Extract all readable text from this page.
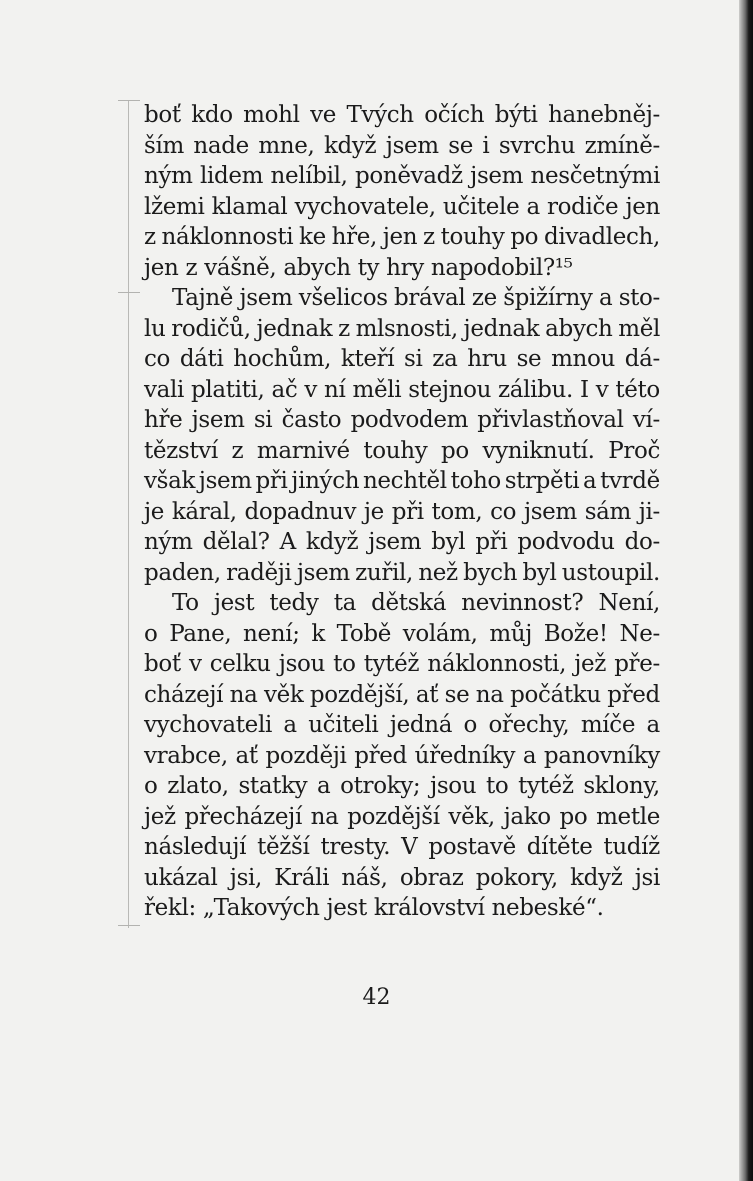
boť kdo mohl ve Tvých očích býti hanebněj-
ším nade mne, když jsem se i svrchu zmíně-
ným lidem nelíbil, poněvadž jsem nesčetnými
lžemi klamal vychovatele, učitele a rodiče jen
z náklonnosti ke hře, jen z touhy po divadlech,
jen z vášně, abych ty hry napodobil?¹⁵
Tajně jsem všelicos brával ze špižírny a sto-
lu rodičů, jednak z mlsnosti, jednak abych měl
co dáti hochům, kteří si za hru se mnou dá-
vali platiti, ač v ní měli stejnou zálibu. I v této
hře jsem si často podvodem přivlastňoval ví-
tězství z marnivé touhy po vyniknutí. Proč
však jsem při jiných nechtěl toho strpěti a tvrdě
je káral, dopadnuv je při tom, co jsem sám ji-
ným dělal? A když jsem byl při podvodu do-
paden, raději jsem zuřil, než bych byl ustoupil.
To jest tedy ta dětská nevinnost? Není,
o Pane, není; k Tobě volám, můj Bože! Ne-
boť v celku jsou to tytéž náklonnosti, jež pře-
cházejí na věk pozdější, ať se na počátku před
vychovateli a učiteli jedná o ořechy, míče a
vrabce, ať později před úředníky a panovníky
o zlato, statky a otroky; jsou to tytéž sklony,
jež přecházejí na pozdější věk, jako po metle
následují těžší tresty. V postavě dítěte tudíž
ukázal jsi, Králi náš, obraz pokory, když jsi
řekl: „Takových jest království nebeské“.
42
